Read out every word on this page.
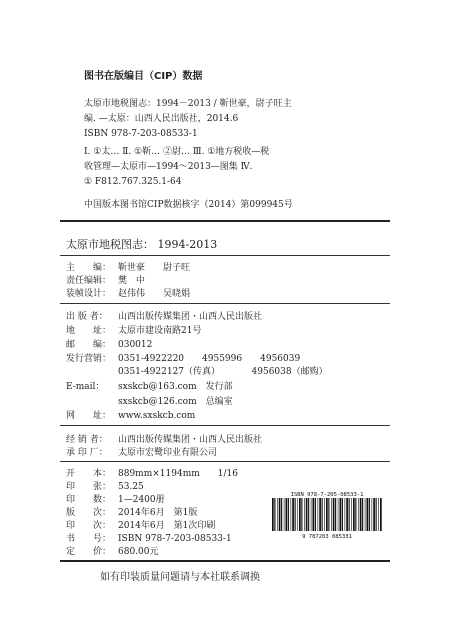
图书在版编目（CIP）数据
太原市地税图志：1994－2013 / 靳世豪，尉子旺主
编. —太原：山西人民出版社，2014.6
ISBN 978-7-203-08533-1
Ⅰ. ①太… Ⅱ. ①靳… ②尉… Ⅲ. ①地方税收—税
收管理—太原市—1994～2013—图集 Ⅳ.
① F812.767.325.1-64
中国版本图书馆CIP数据核字（2014）第099945号
太原市地税图志： 1994-2013
主　　编： 靳世豪　　尉子旺
责任编辑： 樊　中
装帧设计： 赵伟伟　　吴晓娟
出 版 者： 山西出版传媒集团・山西人民出版社
地　　址： 太原市建设南路21号
邮　　编： 030012
发行营销： 0351-4922220　　4955996　　4956039
0351-4922127（传真）　　　　4956038（邮购）
E-mail： sxskcb@163.com　发行部
sxskcb@126.com　总编室
网　　址： www.sxskcb.com
经 销 者： 山西出版传媒集团・山西人民出版社
承 印 厂： 太原市宏鹭印业有限公司
开　　本： 889mm×1194mm　　1/16
印　　张： 53.25
印　　数： 1—2400册
版　　次： 2014年6月　第1版
印　　次： 2014年6月　第1次印刷
书　　号： ISBN 978-7-203-08533-1
定　　价： 680.00元
ISBN 978-7-205-08533-1
9 787203 085331
如有印装质量问题请与本社联系调换
